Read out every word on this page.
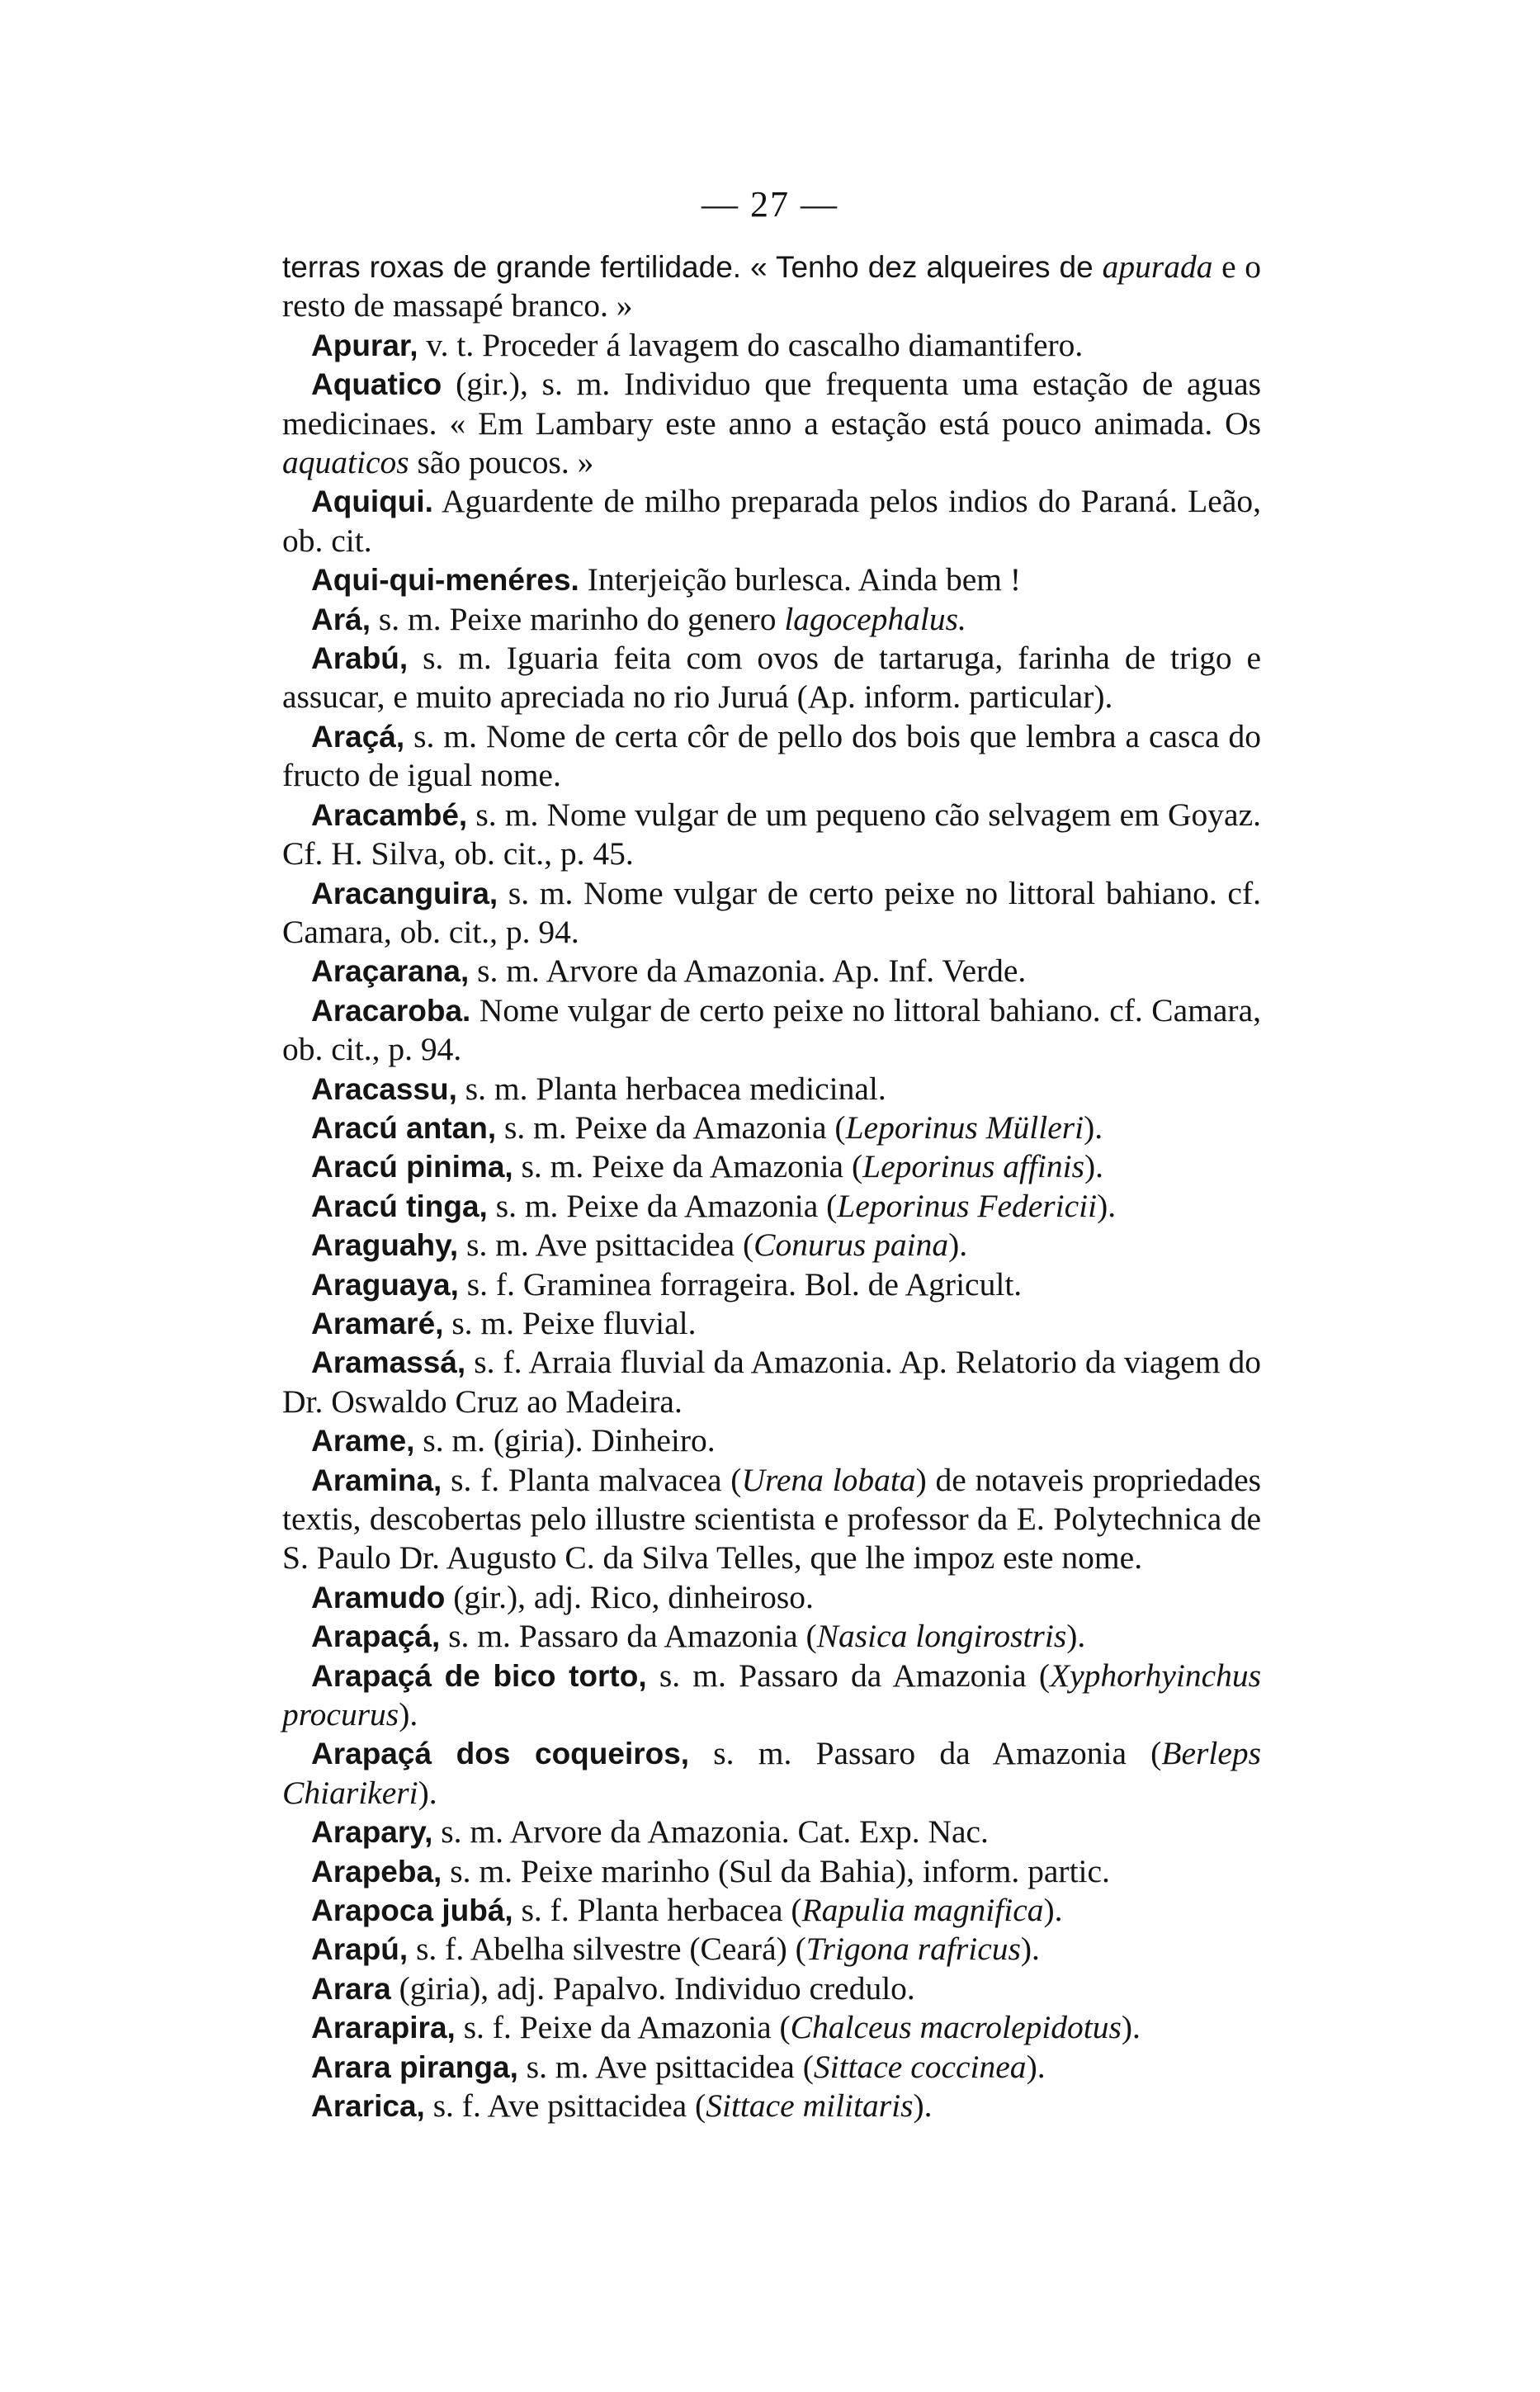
— 27 —

terras roxas de grande fertilidade. « Tenho dez alqueires de apurada e o resto de massapé branco. »

Apurar, v. t. Proceder á lavagem do cascalho diamantifero.

Aquatico (gir.), s. m. Individuo que frequenta uma estação de aguas medicinaes. « Em Lambary este anno a estação está pouco animada. Os aquaticos são poucos. »

Aquiqui. Aguardente de milho preparada pelos indios do Paraná. Leão, ob. cit.

Aqui-qui-menéres. Interjeição burlesca. Ainda bem !

Ará, s. m. Peixe marinho do genero lagocephalus.

Arabú, s. m. Iguaria feita com ovos de tartaruga, farinha de trigo e assucar, e muito apreciada no rio Juruá (Ap. inform. particular).

Araçá, s. m. Nome de certa côr de pello dos bois que lembra a casca do fructo de igual nome.

Aracambé, s. m. Nome vulgar de um pequeno cão selvagem em Goyaz. Cf. H. Silva, ob. cit., p. 45.

Aracanguira, s. m. Nome vulgar de certo peixe no littoral bahiano. cf. Camara, ob. cit., p. 94.

Araçarana, s. m. Arvore da Amazonia. Ap. Inf. Verde.

Aracaroba. Nome vulgar de certo peixe no littoral bahiano. cf. Camara, ob. cit., p. 94.

Aracassu, s. m. Planta herbacea medicinal.

Aracú antan, s. m. Peixe da Amazonia (Leporinus Mülleri).

Aracú pinima, s. m. Peixe da Amazonia (Leporinus affinis).

Aracú tinga, s. m. Peixe da Amazonia (Leporinus Federicii).

Araguahy, s. m. Ave psittacidea (Conurus paina).

Araguaya, s. f. Graminea forrageira. Bol. de Agricult.

Aramaré, s. m. Peixe fluvial.

Aramassá, s. f. Arraia fluvial da Amazonia. Ap. Relatorio da viagem do Dr. Oswaldo Cruz ao Madeira.

Arame, s. m. (giria). Dinheiro.

Aramina, s. f. Planta malvacea (Urena lobata) de notaveis propriedades textis, descobertas pelo illustre scientista e professor da E. Polytechnica de S. Paulo Dr. Augusto C. da Silva Telles, que lhe impoz este nome.

Aramudo (gir.), adj. Rico, dinheiroso.

Arapaçá, s. m. Passaro da Amazonia (Nasica longirostris).

Arapaçá de bico torto, s. m. Passaro da Amazonia (Xyphorhyinchus procurus).

Arapaçá dos coqueiros, s. m. Passaro da Amazonia (Berleps Chiarikeri).

Arapary, s. m. Arvore da Amazonia. Cat. Exp. Nac.

Arapeba, s. m. Peixe marinho (Sul da Bahia), inform. partic.

Arapoca jubá, s. f. Planta herbacea (Rapulia magnifica).

Arapú, s. f. Abelha silvestre (Ceará) (Trigona rafricus).

Arara (giria), adj. Papalvo. Individuo credulo.

Ararapira, s. f. Peixe da Amazonia (Chalceus macrolepidotus).

Arara piranga, s. m. Ave psittacidea (Sittace coccinea).

Ararica, s. f. Ave psittacidea (Sittace militaris).
